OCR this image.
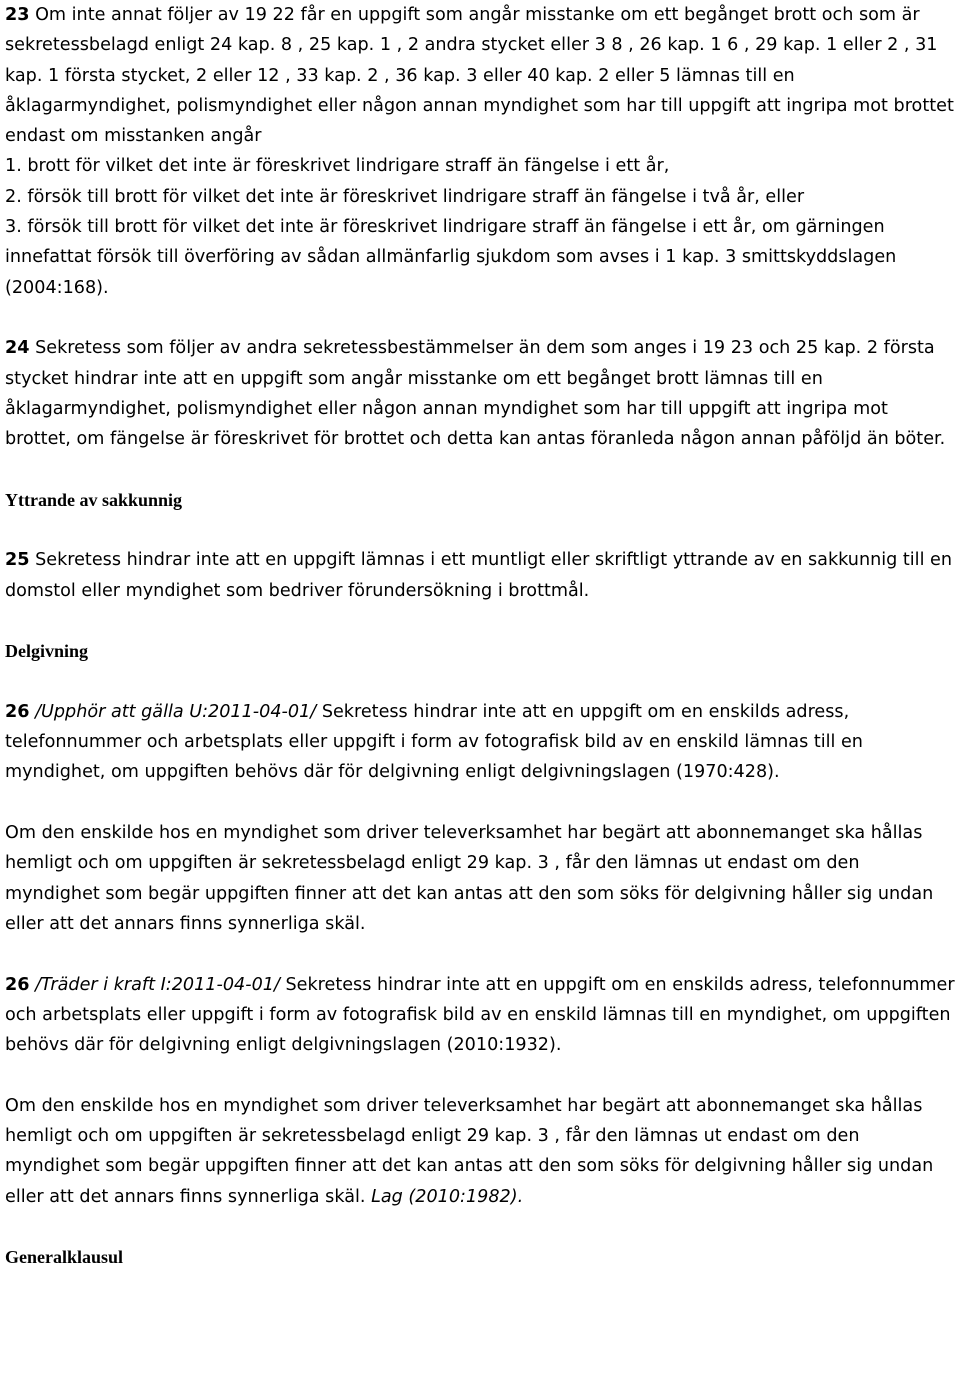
23 Om inte annat följer av 19 22 får en uppgift som angår misstanke om ett begånget brott och som är sekretessbelagd enligt 24 kap. 8 , 25 kap. 1 , 2 andra stycket eller 3 8 , 26 kap. 1 6 , 29 kap. 1 eller 2 , 31 kap. 1 första stycket, 2 eller 12 , 33 kap. 2 , 36 kap. 3 eller 40 kap. 2 eller 5 lämnas till en åklagarmyndighet, polismyndighet eller någon annan myndighet som har till uppgift att ingripa mot brottet endast om misstanken angår

1. brott för vilket det inte är föreskrivet lindrigare straff än fängelse i ett år,

2. försök till brott för vilket det inte är föreskrivet lindrigare straff än fängelse i två år, eller

3. försök till brott för vilket det inte är föreskrivet lindrigare straff än fängelse i ett år, om gärningen innefattat försök till överföring av sådan allmänfarlig sjukdom som avses i 1 kap. 3 smittskyddslagen (2004:168).

24 Sekretess som följer av andra sekretessbestämmelser än dem som anges i 19 23 och 25 kap. 2 första stycket hindrar inte att en uppgift som angår misstanke om ett begånget brott lämnas till en åklagarmyndighet, polismyndighet eller någon annan myndighet som har till uppgift att ingripa mot brottet, om fängelse är föreskrivet för brottet och detta kan antas föranleda någon annan påföljd än böter.

Yttrande av sakkunnig

25 Sekretess hindrar inte att en uppgift lämnas i ett muntligt eller skriftligt yttrande av en sakkunnig till en domstol eller myndighet som bedriver förundersökning i brottmål.

Delgivning

26 /Upphör att gälla U:2011-04-01/ Sekretess hindrar inte att en uppgift om en enskilds adress, telefonnummer och arbetsplats eller uppgift i form av fotografisk bild av en enskild lämnas till en myndighet, om uppgiften behövs där för delgivning enligt delgivningslagen (1970:428).

Om den enskilde hos en myndighet som driver televerksamhet har begärt att abonnemanget ska hållas hemligt och om uppgiften är sekretessbelagd enligt 29 kap. 3 , får den lämnas ut endast om den myndighet som begär uppgiften finner att det kan antas att den som söks för delgivning håller sig undan eller att det annars finns synnerliga skäl.

26 /Träder i kraft I:2011-04-01/ Sekretess hindrar inte att en uppgift om en enskilds adress, telefonnummer och arbetsplats eller uppgift i form av fotografisk bild av en enskild lämnas till en myndighet, om uppgiften behövs där för delgivning enligt delgivningslagen (2010:1932).

Om den enskilde hos en myndighet som driver televerksamhet har begärt att abonnemanget ska hållas hemligt och om uppgiften är sekretessbelagd enligt 29 kap. 3 , får den lämnas ut endast om den myndighet som begär uppgiften finner att det kan antas att den som söks för delgivning håller sig undan eller att det annars finns synnerliga skäl. Lag (2010:1982).

Generalklausul
